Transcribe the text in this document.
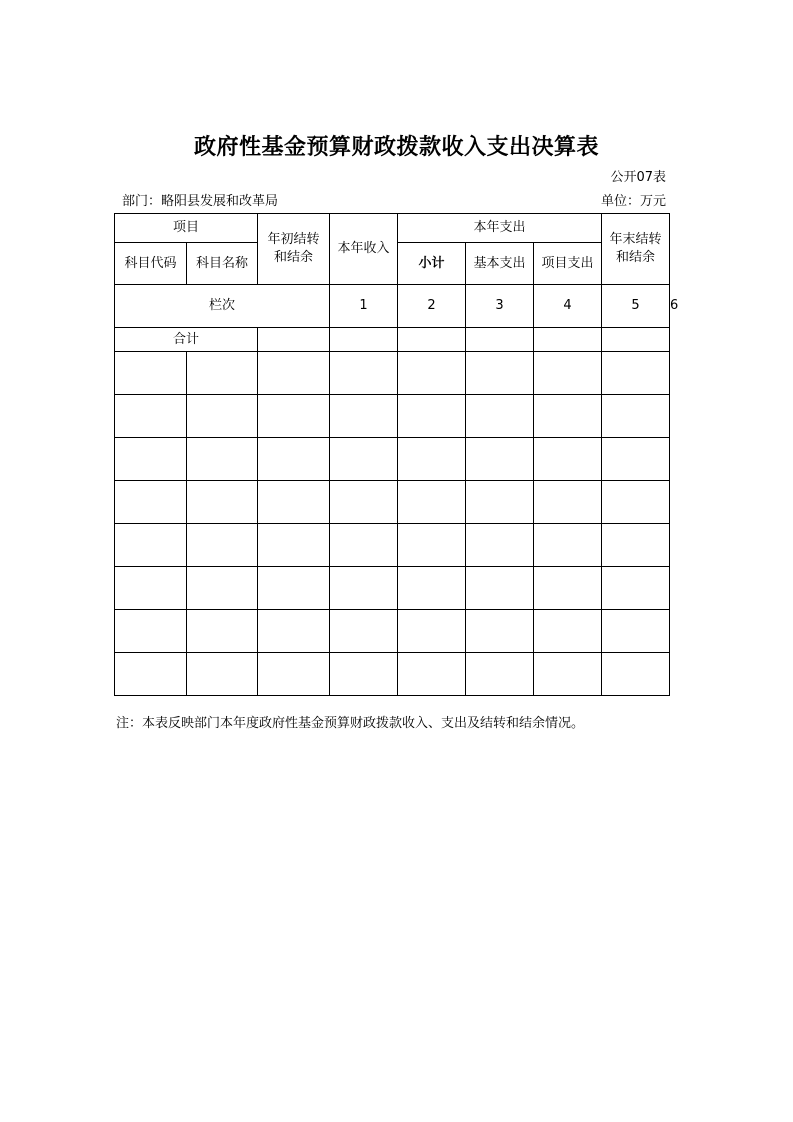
政府性基金预算财政拨款收入支出决算表
公开07表
部门：略阳县发展和改革局	单位：万元
项目		年初结转和结余	本年收入	本年支出			年末结转和结余	

科目代码	科目名称			小计	基本支出	项目支出		
栏次			1	2	3	4	5	6
合计								

注：本表反映部门本年度政府性基金预算财政拨款收入、支出及结转和结余情况。
